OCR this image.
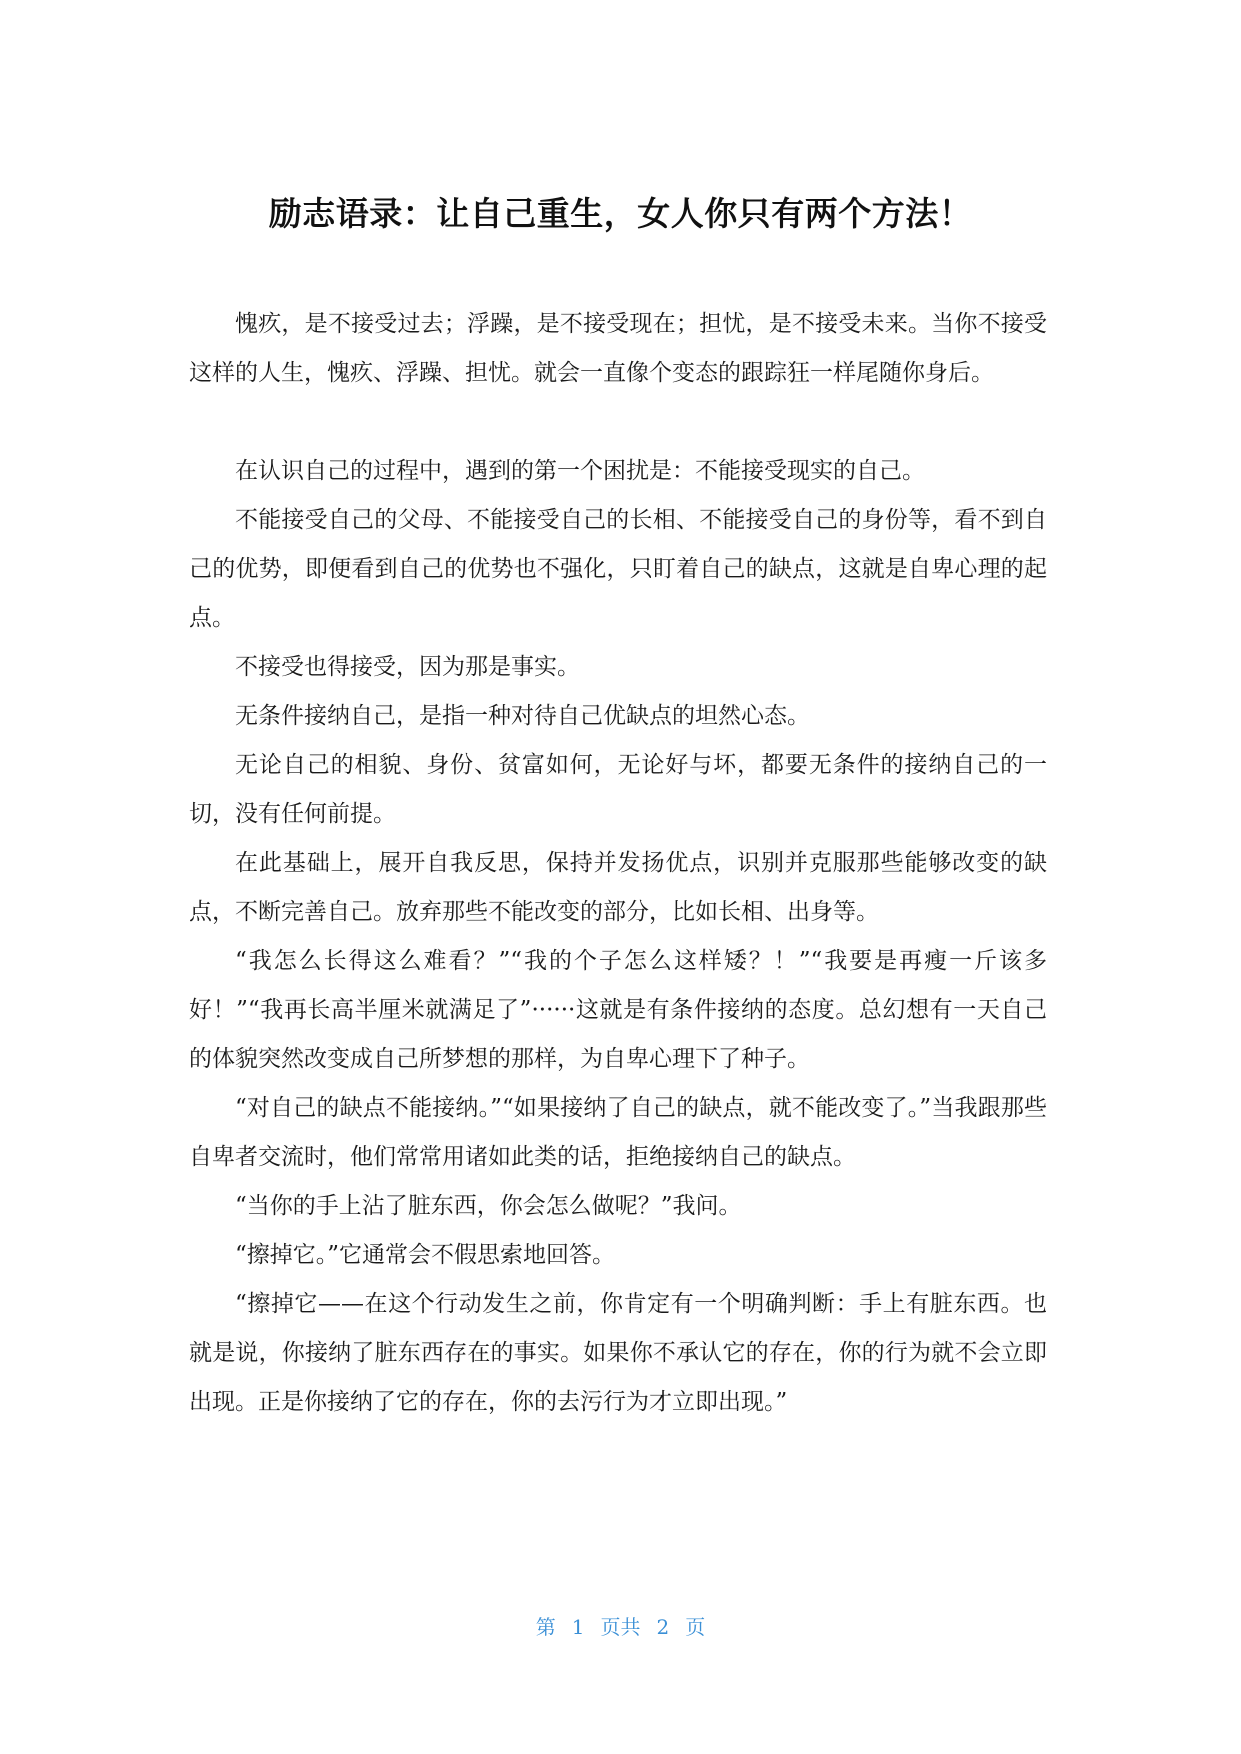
励志语录：让自己重生，女人你只有两个方法！

愧疚，是不接受过去；浮躁，是不接受现在；担忧，是不接受未来。当你不接受这样的人生，愧疚、浮躁、担忧。就会一直像个变态的跟踪狂一样尾随你身后。

在认识自己的过程中，遇到的第一个困扰是：不能接受现实的自己。

不能接受自己的父母、不能接受自己的长相、不能接受自己的身份等，看不到自己的优势，即便看到自己的优势也不强化，只盯着自己的缺点，这就是自卑心理的起点。

不接受也得接受，因为那是事实。

无条件接纳自己，是指一种对待自己优缺点的坦然心态。

无论自己的相貌、身份、贫富如何，无论好与坏，都要无条件的接纳自己的一切，没有任何前提。

在此基础上，展开自我反思，保持并发扬优点，识别并克服那些能够改变的缺点，不断完善自己。放弃那些不能改变的部分，比如长相、出身等。

“我怎么长得这么难看？”“我的个子怎么这样矮？！”“我要是再瘦一斤该多好！”“我再长高半厘米就满足了”······这就是有条件接纳的态度。总幻想有一天自己的体貌突然改变成自己所梦想的那样，为自卑心理下了种子。

“对自己的缺点不能接纳。”“如果接纳了自己的缺点，就不能改变了。”当我跟那些自卑者交流时，他们常常用诸如此类的话，拒绝接纳自己的缺点。

“当你的手上沾了脏东西，你会怎么做呢？”我问。

“擦掉它。”它通常会不假思索地回答。

“擦掉它——在这个行动发生之前，你肯定有一个明确判断：手上有脏东西。也就是说，你接纳了脏东西存在的事实。如果你不承认它的存在，你的行为就不会立即出现。正是你接纳了它的存在，你的去污行为才立即出现。”

第 1 页共 2 页
